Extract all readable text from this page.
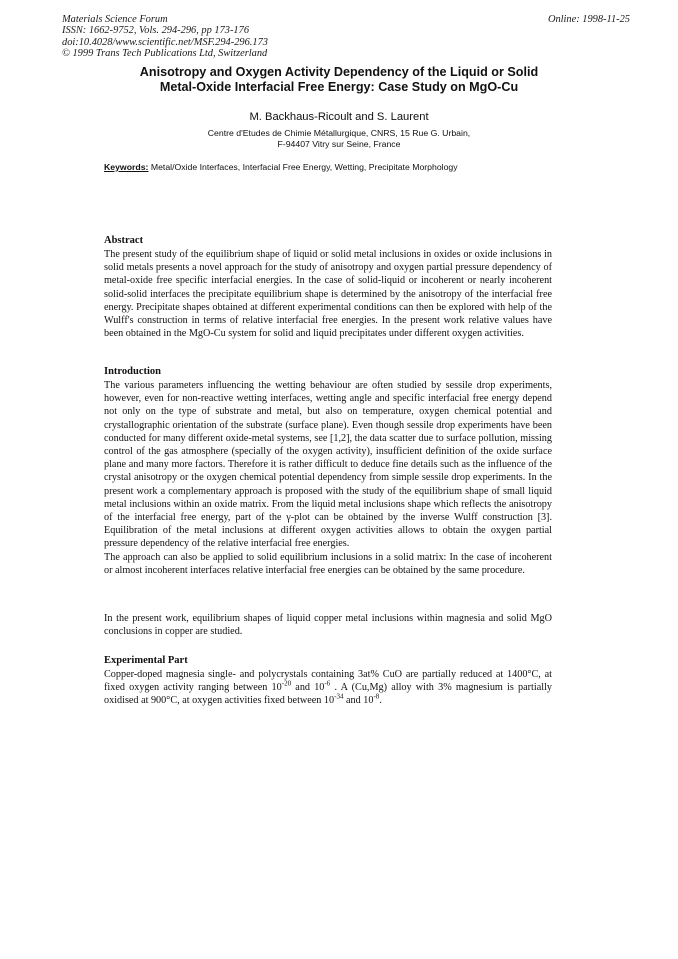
Materials Science Forum
ISSN: 1662-9752, Vols. 294-296, pp 173-176
doi:10.4028/www.scientific.net/MSF.294-296.173
© 1999 Trans Tech Publications Ltd, Switzerland
Online: 1998-11-25
Anisotropy and Oxygen Activity Dependency of the Liquid or Solid
Metal-Oxide Interfacial Free Energy: Case Study on MgO-Cu
M. Backhaus-Ricoult and S. Laurent
Centre d'Etudes de Chimie Métallurgique, CNRS, 15 Rue G. Urbain,
F-94407 Vitry sur Seine, France
Keywords: Metal/Oxide Interfaces, Interfacial Free Energy, Wetting, Precipitate Morphology
Abstract

The present study of the equilibrium shape of liquid or solid metal inclusions in oxides or oxide inclusions in solid metals presents a novel approach for the study of anisotropy and oxygen partial pressure dependency of metal-oxide free specific interfacial energies. In the case of solid-liquid or incoherent or nearly incoherent solid-solid interfaces the precipitate equilibrium shape is determined by the anisotropy of the interfacial free energy. Precipitate shapes obtained at different experimental conditions can then be explored with help of the Wulff's construction in terms of relative interfacial free energies. In the present work relative values have been obtained in the MgO-Cu system for solid and liquid precipitates under different oxygen activities.

Introduction

The various parameters influencing the wetting behaviour are often studied by sessile drop experiments, however, even for non-reactive wetting interfaces, wetting angle and specific interfacial free energy depend not only on the type of substrate and metal, but also on temperature, oxygen chemical potential and crystallographic orientation of the substrate (surface plane). Even though sessile drop experiments have been conducted for many different oxide-metal systems, see [1,2], the data scatter due to surface pollution, missing control of the gas atmosphere (specially of the oxygen activity), insufficient definition of the oxide surface plane and many more factors. Therefore it is rather difficult to deduce fine details such as the influence of the crystal anisotropy or the oxygen chemical potential dependency from simple sessile drop experiments. In the present work a complementary approach is proposed with the study of the equilibrium shape of small liquid metal inclusions within an oxide matrix. From the liquid metal inclusions shape which reflects the anisotropy of the interfacial free energy, part of the γ-plot can be obtained by the inverse Wulff construction [3]. Equilibration of the metal inclusions at different oxygen activities allows to obtain the oxygen partial pressure dependency of the relative interfacial free energies.

The approach can also be applied to solid equilibrium inclusions in a solid matrix: In the case of incoherent or almost incoherent interfaces relative interfacial free energies can be obtained by the same procedure.

In the present work, equilibrium shapes of liquid copper metal inclusions within magnesia and solid MgO conclusions in copper are studied.

Experimental Part

Copper-doped magnesia single- and polycrystals containing 3at% CuO are partially reduced at 1400°C, at fixed oxygen activity ranging between $10^{-20}$ and $10^{-6}$ . A (Cu,Mg) alloy with 3% magnesium is partially oxidised at 900°C, at oxygen activities fixed between $10^{-34}$ and $10^{-8}$.
